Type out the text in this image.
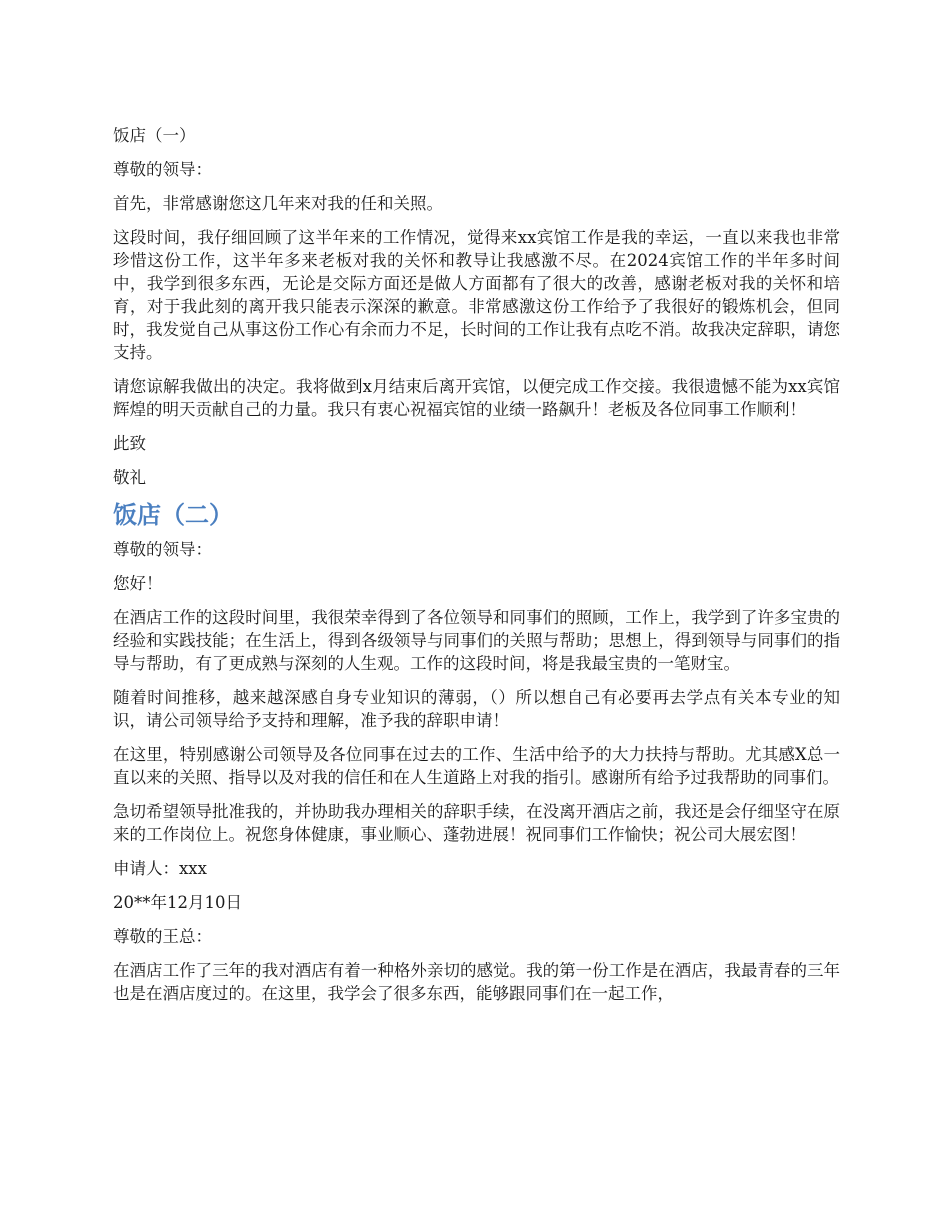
饭店（一）

尊敬的领导：

首先，非常感谢您这几年来对我的任和关照。

这段时间，我仔细回顾了这半年来的工作情况，觉得来xx宾馆工作是我的幸运，一直以来我也非常珍惜这份工作，这半年多来老板对我的关怀和教导让我感激不尽。在2024宾馆工作的半年多时间中，我学到很多东西，无论是交际方面还是做人方面都有了很大的改善，感谢老板对我的关怀和培育，对于我此刻的离开我只能表示深深的歉意。非常感激这份工作给予了我很好的锻炼机会，但同时，我发觉自己从事这份工作心有余而力不足，长时间的工作让我有点吃不消。故我决定辞职，请您支持。

请您谅解我做出的决定。我将做到x月结束后离开宾馆，以便完成工作交接。我很遗憾不能为xx宾馆辉煌的明天贡献自己的力量。我只有衷心祝福宾馆的业绩一路飙升！老板及各位同事工作顺利！

此致

敬礼

饭店（二）

尊敬的领导：

您好！

在酒店工作的这段时间里，我很荣幸得到了各位领导和同事们的照顾，工作上，我学到了许多宝贵的经验和实践技能；在生活上，得到各级领导与同事们的关照与帮助；思想上，得到领导与同事们的指导与帮助，有了更成熟与深刻的人生观。工作的这段时间，将是我最宝贵的一笔财宝。

随着时间推移，越来越深感自身专业知识的薄弱，（）所以想自己有必要再去学点有关本专业的知识，请公司领导给予支持和理解，准予我的辞职申请！

在这里，特别感谢公司领导及各位同事在过去的工作、生活中给予的大力扶持与帮助。尤其感X总一直以来的关照、指导以及对我的信任和在人生道路上对我的指引。感谢所有给予过我帮助的同事们。

急切希望领导批准我的，并协助我办理相关的辞职手续，在没离开酒店之前，我还是会仔细坚守在原来的工作岗位上。祝您身体健康，事业顺心、蓬勃进展！祝同事们工作愉快；祝公司大展宏图！

申请人：xxx

20**年12月10日

尊敬的王总：

在酒店工作了三年的我对酒店有着一种格外亲切的感觉。我的第一份工作是在酒店，我最青春的三年也是在酒店度过的。在这里，我学会了很多东西，能够跟同事们在一起工作，
